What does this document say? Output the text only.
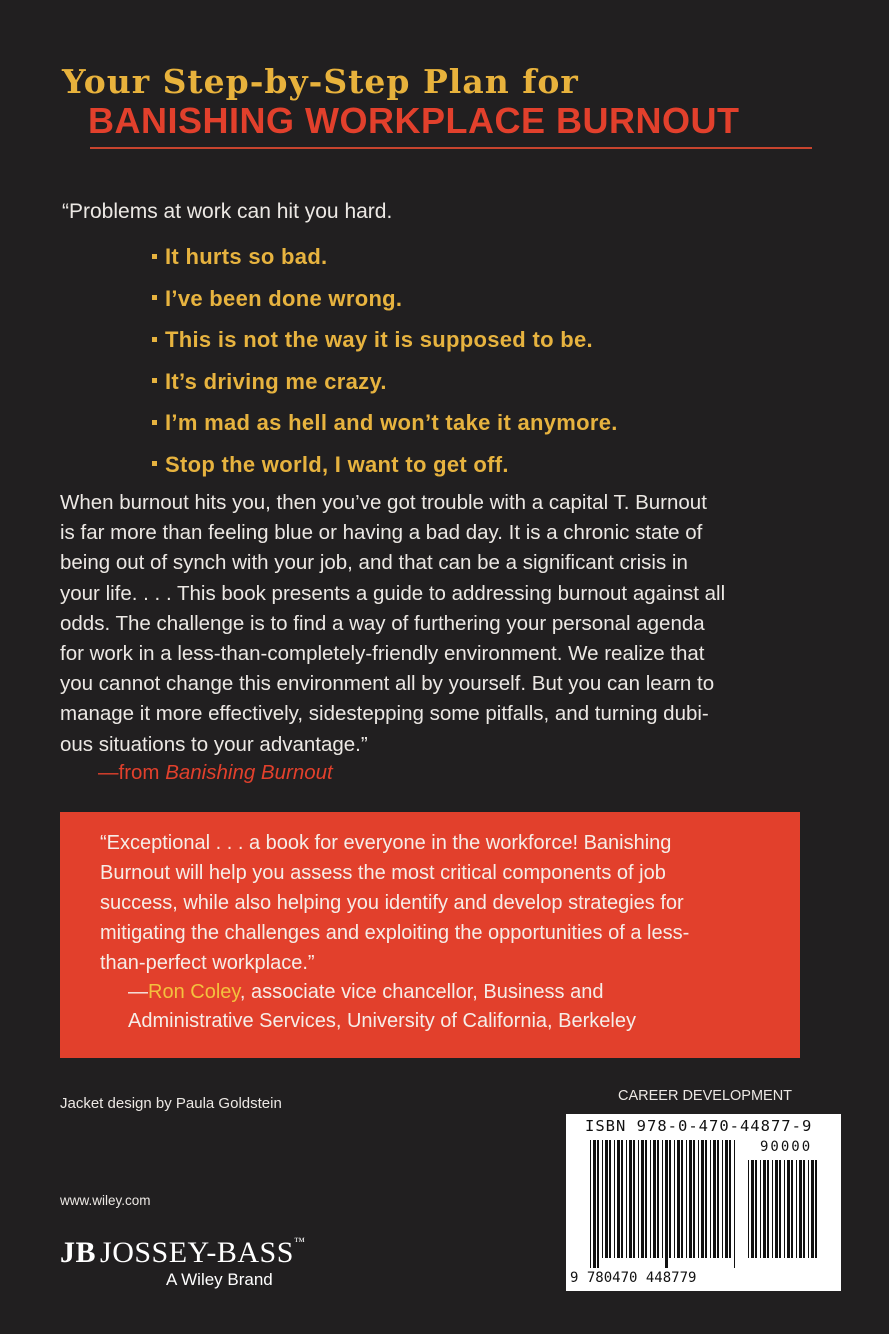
Your Step-by-Step Plan for
BANISHING WORKPLACE BURNOUT
“Problems at work can hit you hard.
It hurts so bad.
I’ve been done wrong.
This is not the way it is supposed to be.
It’s driving me crazy.
I’m mad as hell and won’t take it anymore.
Stop the world, I want to get off.

When burnout hits you, then you’ve got trouble with a capital T. Burnout
is far more than feeling blue or having a bad day. It is a chronic state of
being out of synch with your job, and that can be a significant crisis in
your life. . . . This book presents a guide to addressing burnout against all
odds. The challenge is to find a way of furthering your personal agenda
for work in a less-than-completely-friendly environment. We realize that
you cannot change this environment all by yourself. But you can learn to
manage it more effectively, sidestepping some pitfalls, and turning dubi-
ous situations to your advantage.”

—from Banishing Burnout

“Exceptional . . . a book for everyone in the workforce! Banishing
Burnout will help you assess the most critical components of job
success, while also helping you identify and develop strategies for
mitigating the challenges and exploiting the opportunities of a less-
than-perfect workplace.”

—Ron Coley, associate vice chancellor, Business and
Administrative Services, University of California, Berkeley
Jacket design by Paula Goldstein	CAREER DEVELOPMENT
www.wiley.com
JB JOSSEY-BASS™
A Wiley Brand
ISBN 978-0-470-44877-9
90000
9 780470 448779
